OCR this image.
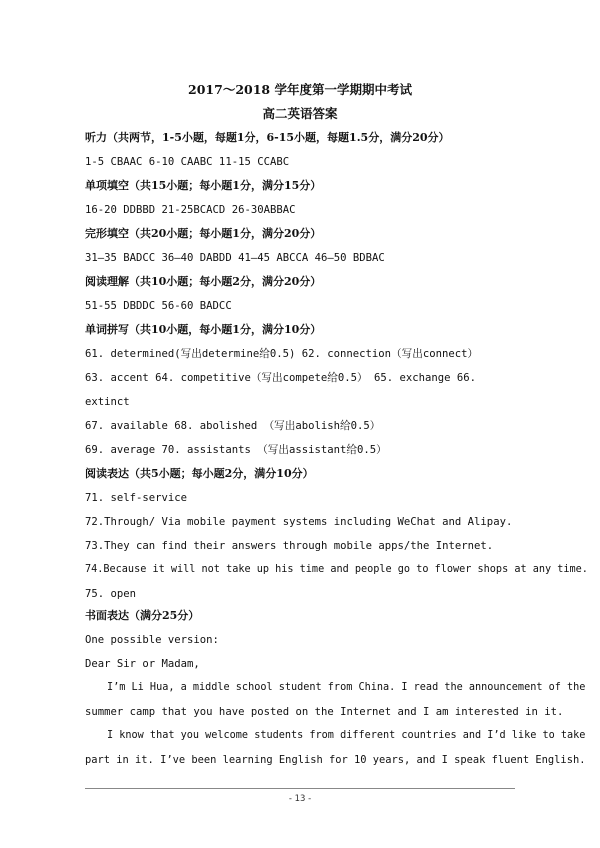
2017～2018 学年度第一学期期中考试
高二英语答案
听力（共两节，1-5小题，每题1分，6-15小题，每题1.5分，满分20分）
1-5 CBAAC 6-10 CAABC 11-15 CCABC
单项填空（共15小题；每小题1分，满分15分）
16-20 DDBBD 21-25BCACD 26-30ABBAC
完形填空（共20小题；每小题1分，满分20分）
31—35 BADCC 36—40 DABDD 41—45 ABCCA 46—50 BDBAC
阅读理解（共10小题；每小题2分，满分20分）
51-55 DBDDC 56-60 BADCC
单词拼写（共10小题，每小题1分，满分10分）
61. determined(写出determine给0.5) 62. connection（写出connect）
63. accent 64. competitive（写出compete给0.5） 65. exchange 66.
extinct
67. available 68. abolished （写出abolish给0.5）
69. average 70. assistants （写出assistant给0.5）
阅读表达（共5小题；每小题2分，满分10分）
71. self-service
72.Through/ Via mobile payment systems including WeChat and Alipay.
73.They can find their answers through mobile apps/the Internet.
74.Because it will not take up his time and people go to flower shops at any time.
75. open
书面表达（满分25分）
One possible version:
Dear Sir or Madam,
I’m Li Hua, a middle school student from China. I read the announcement of the
summer camp that you have posted on the Internet and I am interested in it.
I know that you welcome students from different countries and I’d like to take
part in it. I’ve been learning English for 10 years, and I speak fluent English.
- 13 -
